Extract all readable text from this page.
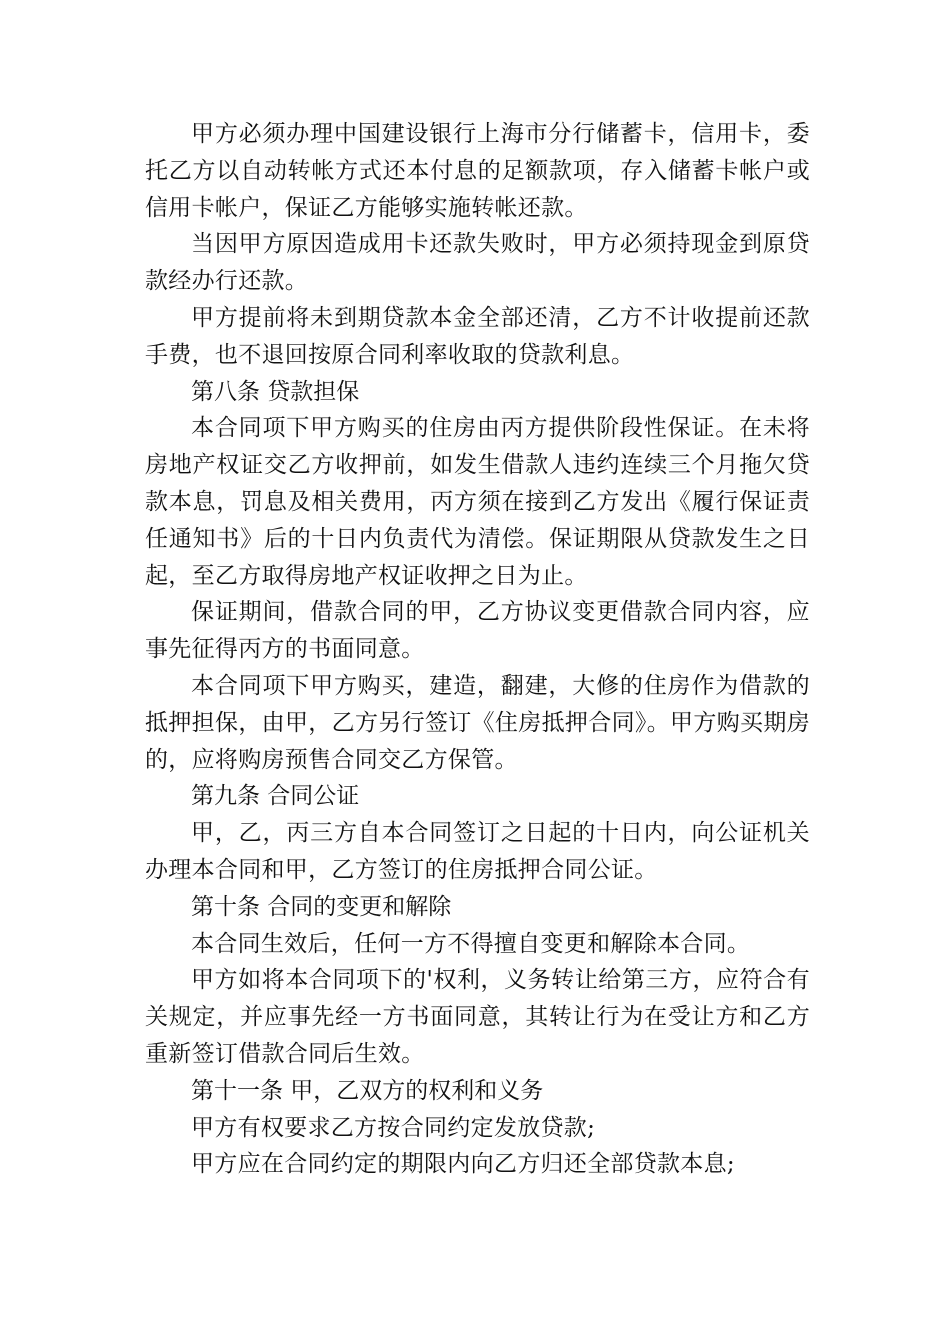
甲方必须办理中国建设银行上海市分行储蓄卡，信用卡，委托乙方以自动转帐方式还本付息的足额款项，存入储蓄卡帐户或信用卡帐户，保证乙方能够实施转帐还款。

当因甲方原因造成用卡还款失败时，甲方必须持现金到原贷款经办行还款。

甲方提前将未到期贷款本金全部还清，乙方不计收提前还款手费，也不退回按原合同利率收取的贷款利息。

第八条 贷款担保

本合同项下甲方购买的住房由丙方提供阶段性保证。在未将房地产权证交乙方收押前，如发生借款人违约连续三个月拖欠贷款本息，罚息及相关费用，丙方须在接到乙方发出《履行保证责任通知书》后的十日内负责代为清偿。保证期限从贷款发生之日起，至乙方取得房地产权证收押之日为止。

保证期间，借款合同的甲，乙方协议变更借款合同内容，应事先征得丙方的书面同意。

本合同项下甲方购买，建造，翻建，大修的住房作为借款的抵押担保，由甲，乙方另行签订《住房抵押合同》。甲方购买期房的，应将购房预售合同交乙方保管。

第九条 合同公证

甲，乙，丙三方自本合同签订之日起的十日内，向公证机关办理本合同和甲，乙方签订的住房抵押合同公证。

第十条 合同的变更和解除

本合同生效后，任何一方不得擅自变更和解除本合同。

甲方如将本合同项下的'权利，义务转让给第三方，应符合有关规定，并应事先经一方书面同意，其转让行为在受让方和乙方重新签订借款合同后生效。

第十一条 甲，乙双方的权利和义务

甲方有权要求乙方按合同约定发放贷款;

甲方应在合同约定的期限内向乙方归还全部贷款本息;
